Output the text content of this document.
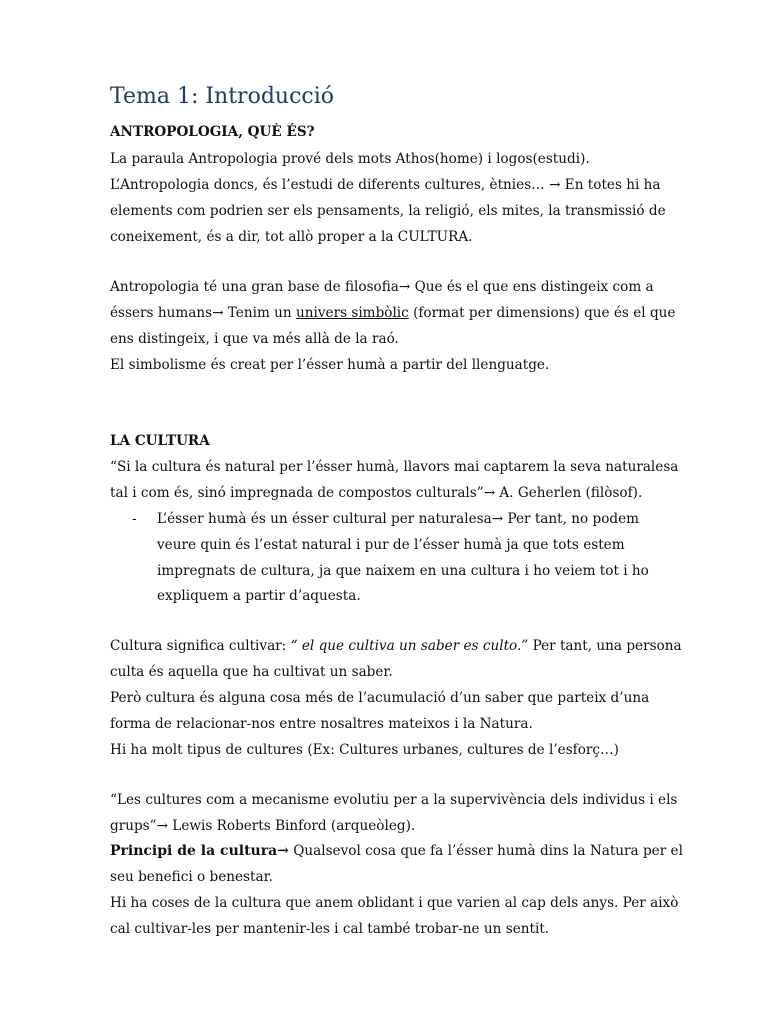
Tema 1: Introducció

ANTROPOLOGIA, QUÈ ÉS?

La paraula Antropologia prové dels mots Athos(home) i logos(estudi).

L’Antropologia doncs, és l’estudi de diferents cultures, ètnies… → En totes hi ha

elements com podrien ser els pensaments, la religió, els mites, la transmissió de

coneixement, és a dir, tot allò proper a la CULTURA.

Antropologia té una gran base de filosofia→ Que és el que ens distingeix com a

éssers humans→ Tenim un univers simbòlic (format per dimensions) que és el que

ens distingeix, i que va més allà de la raó.

El simbolisme és creat per l’ésser humà a partir del llenguatge.

LA CULTURA

“Si la cultura és natural per l’ésser humà, llavors mai captarem la seva naturalesa

tal i com és, sinó impregnada de compostos culturals”→ A. Geherlen (filòsof).

- L’ésser humà és un ésser cultural per naturalesa→ Per tant, no podem

veure quin és l’estat natural i pur de l’ésser humà ja que tots estem

impregnats de cultura, ja que naixem en una cultura i ho veiem tot i ho

expliquem a partir d’aquesta.

Cultura significa cultivar: “ el que cultiva un saber es culto.” Per tant, una persona

culta és aquella que ha cultivat un saber.

Però cultura és alguna cosa més de l’acumulació d’un saber que parteix d’una

forma de relacionar-nos entre nosaltres mateixos i la Natura.

Hi ha molt tipus de cultures (Ex: Cultures urbanes, cultures de l’esforç…)

“Les cultures com a mecanisme evolutiu per a la supervivència dels individus i els

grups”→ Lewis Roberts Binford (arqueòleg).

Principi de la cultura→ Qualsevol cosa que fa l’ésser humà dins la Natura per el

seu benefici o benestar.

Hi ha coses de la cultura que anem oblidant i que varien al cap dels anys. Per això

cal cultivar-les per mantenir-les i cal també trobar-ne un sentit.
